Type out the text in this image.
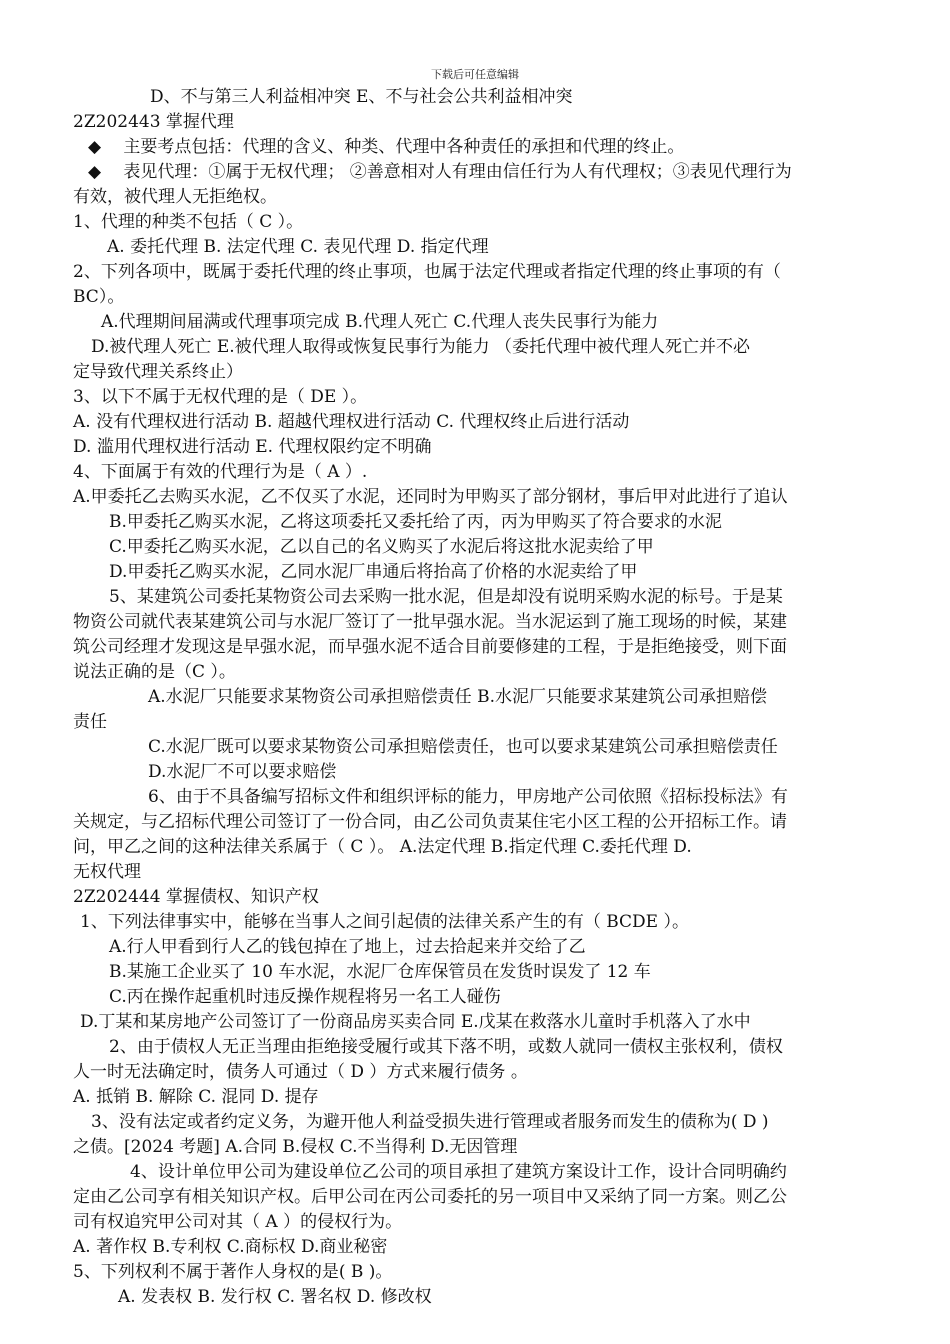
下载后可任意编辑
D、不与第三人利益相冲突 E、不与社会公共利益相冲突
2Z202443 掌握代理
◆ 主要考点包括：代理的含义、种类、代理中各种责任的承担和代理的终止。
◆ 表见代理：①属于无权代理； ②善意相对人有理由信任行为人有代理权；③表见代理行为
有效，被代理人无拒绝权。
1、代理的种类不包括（ C ）。
A. 委托代理 B. 法定代理 C. 表见代理 D. 指定代理
2、下列各项中，既属于委托代理的终止事项，也属于法定代理或者指定代理的终止事项的有（
BC）。
A.代理期间届满或代理事项完成 B.代理人死亡 C.代理人丧失民事行为能力
D.被代理人死亡 E.被代理人取得或恢复民事行为能力 （委托代理中被代理人死亡并不必
定导致代理关系终止）
3、以下不属于无权代理的是（ DE ）。
A. 没有代理权进行活动 B. 超越代理权进行活动 C. 代理权终止后进行活动
D. 滥用代理权进行活动 E. 代理权限约定不明确
4、下面属于有效的代理行为是（ A ）.
A.甲委托乙去购买水泥，乙不仅买了水泥，还同时为甲购买了部分钢材，事后甲对此进行了追认
B.甲委托乙购买水泥，乙将这项委托又委托给了丙，丙为甲购买了符合要求的水泥
C.甲委托乙购买水泥，乙以自己的名义购买了水泥后将这批水泥卖给了甲
D.甲委托乙购买水泥，乙同水泥厂串通后将抬高了价格的水泥卖给了甲
5、某建筑公司委托某物资公司去采购一批水泥，但是却没有说明采购水泥的标号。于是某
物资公司就代表某建筑公司与水泥厂签订了一批早强水泥。当水泥运到了施工现场的时候，某建
筑公司经理才发现这是早强水泥，而早强水泥不适合目前要修建的工程，于是拒绝接受，则下面
说法正确的是（C ）。
A.水泥厂只能要求某物资公司承担赔偿责任 B.水泥厂只能要求某建筑公司承担赔偿
责任
C.水泥厂既可以要求某物资公司承担赔偿责任，也可以要求某建筑公司承担赔偿责任
D.水泥厂不可以要求赔偿
6、由于不具备编写招标文件和组织评标的能力，甲房地产公司依照《招标投标法》有
关规定，与乙招标代理公司签订了一份合同，由乙公司负责某住宅小区工程的公开招标工作。请
问，甲乙之间的这种法律关系属于（ C ）。 A.法定代理 B.指定代理 C.委托代理 D.
无权代理
2Z202444 掌握债权、知识产权
1、下列法律事实中，能够在当事人之间引起债的法律关系产生的有（ BCDE ）。
A.行人甲看到行人乙的钱包掉在了地上，过去拾起来并交给了乙
B.某施工企业买了 10 车水泥，水泥厂仓库保管员在发货时误发了 12 车
C.丙在操作起重机时违反操作规程将另一名工人碰伤
D.丁某和某房地产公司签订了一份商品房买卖合同 E.戊某在救落水儿童时手机落入了水中
2、由于债权人无正当理由拒绝接受履行或其下落不明，或数人就同一债权主张权利，债权
人一时无法确定时，债务人可通过（ D ）方式来履行债务 。
A. 抵销 B. 解除 C. 混同 D. 提存
3、没有法定或者约定义务，为避开他人利益受损失进行管理或者服务而发生的债称为( D )
之债。[2024 考题] A.合同 B.侵权 C.不当得利 D.无因管理
4、设计单位甲公司为建设单位乙公司的项目承担了建筑方案设计工作，设计合同明确约
定由乙公司享有相关知识产权。后甲公司在丙公司委托的另一项目中又采纳了同一方案。则乙公
司有权追究甲公司对其（ A ）的侵权行为。
A. 著作权 B.专利权 C.商标权 D.商业秘密
5、下列权利不属于著作人身权的是( B )。
A. 发表权 B. 发行权 C. 署名权 D. 修改权
